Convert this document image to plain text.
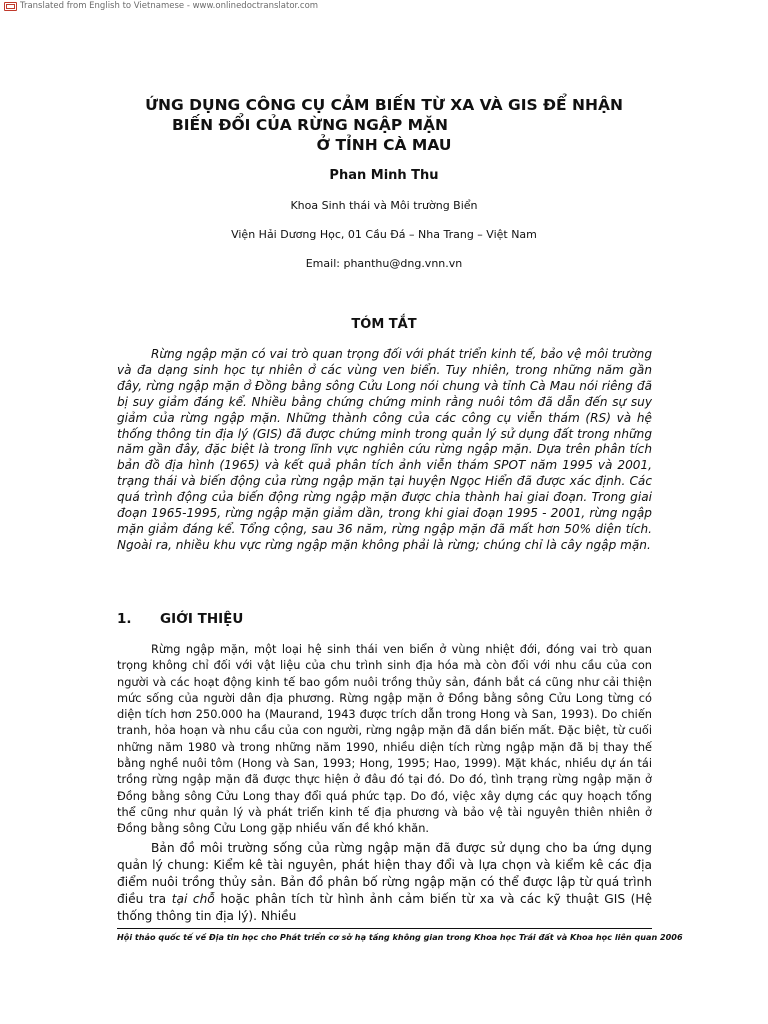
Translated from English to Vietnamese - www.onlinedoctranslator.com
ỨNG DỤNG CÔNG CỤ CẢM BIẾN TỪ XA VÀ GIS ĐỂ NHẬN
BIẾN ĐỔI CỦA RỪNG NGẬP MẶN
Ở TỈNH CÀ MAU
Phan Minh Thu
Khoa Sinh thái và Môi trường Biển
Viện Hải Dương Học, 01 Cầu Đá – Nha Trang – Việt Nam
Email: phanthu@dng.vnn.vn
TÓM TẮT

Rừng ngập mặn có vai trò quan trọng đối với phát triển kinh tế, bảo vệ môi trường và đa dạng sinh học tự nhiên ở các vùng ven biển. Tuy nhiên, trong những năm gần đây, rừng ngập mặn ở Đồng bằng sông Cửu Long nói chung và tỉnh Cà Mau nói riêng đã bị suy giảm đáng kể. Nhiều bằng chứng chứng minh rằng nuôi tôm đã dẫn đến sự suy giảm của rừng ngập mặn. Những thành công của các công cụ viễn thám (RS) và hệ thống thông tin địa lý (GIS) đã được chứng minh trong quản lý sử dụng đất trong những năm gần đây, đặc biệt là trong lĩnh vực nghiên cứu rừng ngập mặn. Dựa trên phân tích bản đồ địa hình (1965) và kết quả phân tích ảnh viễn thám SPOT năm 1995 và 2001, trạng thái và biến động của rừng ngập mặn tại huyện Ngọc Hiển đã được xác định. Các quá trình động của biến động rừng ngập mặn được chia thành hai giai đoạn. Trong giai đoạn 1965-1995, rừng ngập mặn giảm dần, trong khi giai đoạn 1995 - 2001, rừng ngập mặn giảm đáng kể. Tổng cộng, sau 36 năm, rừng ngập mặn đã mất hơn 50% diện tích. Ngoài ra, nhiều khu vực rừng ngập mặn không phải là rừng; chúng chỉ là cây ngập mặn.

1.	GIỚI THIỆU

Rừng ngập mặn, một loại hệ sinh thái ven biển ở vùng nhiệt đới, đóng vai trò quan trọng không chỉ đối với vật liệu của chu trình sinh địa hóa mà còn đối với nhu cầu của con người và các hoạt động kinh tế bao gồm nuôi trồng thủy sản, đánh bắt cá cũng như cải thiện mức sống của người dân địa phương. Rừng ngập mặn ở Đồng bằng sông Cửu Long từng có diện tích hơn 250.000 ha (Maurand, 1943 được trích dẫn trong Hong và San, 1993). Do chiến tranh, hỏa hoạn và nhu cầu của con người, rừng ngập mặn đã dần biến mất. Đặc biệt, từ cuối những năm 1980 và trong những năm 1990, nhiều diện tích rừng ngập mặn đã bị thay thế bằng nghề nuôi tôm (Hong và San, 1993; Hong, 1995; Hao, 1999). Mặt khác, nhiều dự án tái trồng rừng ngập mặn đã được thực hiện ở đâu đó tại đó. Do đó, tình trạng rừng ngập mặn ở Đồng bằng sông Cửu Long thay đổi quá phức tạp. Do đó, việc xây dựng các quy hoạch tổng thể cũng như quản lý và phát triển kinh tế địa phương và bảo vệ tài nguyên thiên nhiên ở Đồng bằng sông Cửu Long gặp nhiều vấn đề khó khăn.

Bản đồ môi trường sống của rừng ngập mặn đã được sử dụng cho ba ứng dụng quản lý chung: Kiểm kê tài nguyên, phát hiện thay đổi và lựa chọn và kiểm kê các địa điểm nuôi trồng thủy sản. Bản đồ phân bố rừng ngập mặn có thể được lập từ quá trình điều tra tại chỗ hoặc phân tích từ hình ảnh cảm biến từ xa và các kỹ thuật GIS (Hệ thống thông tin địa lý). Nhiều

Hội thảo quốc tế về Địa tin học cho Phát triển cơ sở hạ tầng không gian trong Khoa học Trái đất và Khoa học liên quan 2006
